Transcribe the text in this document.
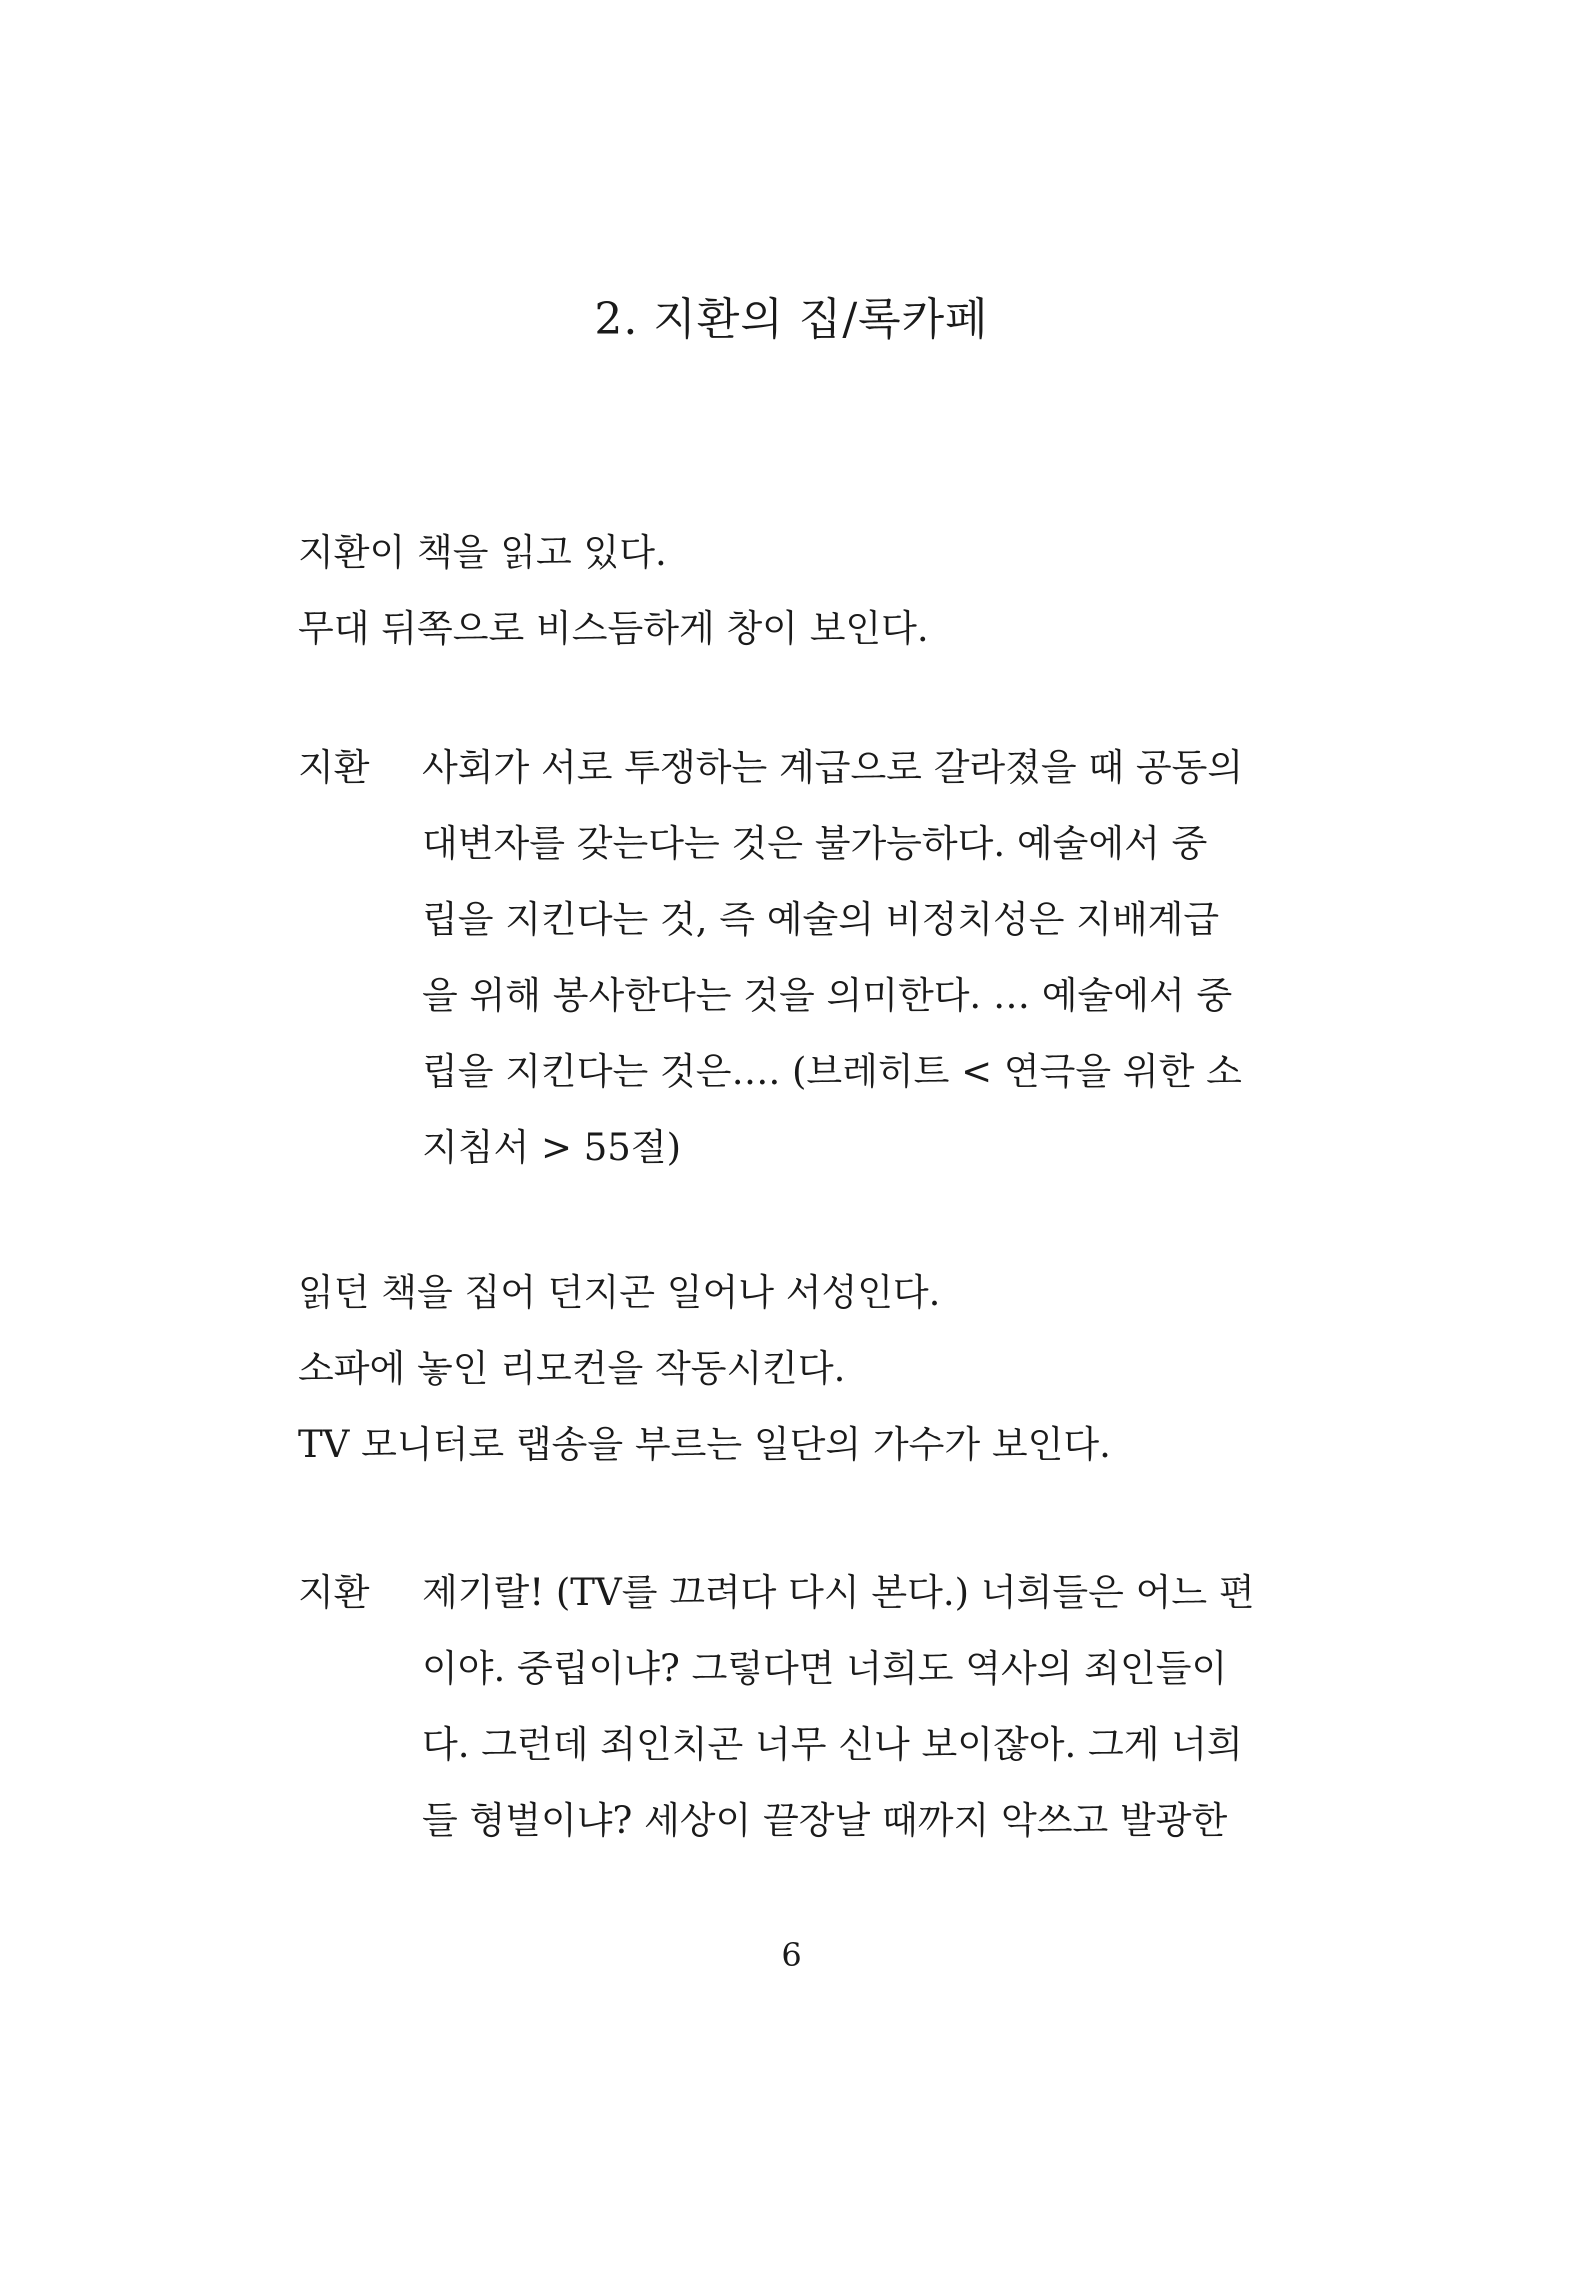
2. 지환의 집/록카페

지환이 책을 읽고 있다.

무대 뒤쪽으로 비스듬하게 창이 보인다.

지환 사회가 서로 투쟁하는 계급으로 갈라졌을 때 공동의

대변자를 갖는다는 것은 불가능하다. 예술에서 중

립을 지킨다는 것, 즉 예술의 비정치성은 지배계급

을 위해 봉사한다는 것을 의미한다. … 예술에서 중

립을 지킨다는 것은…. (브레히트 < 연극을 위한 소

지침서 > 55절)

읽던 책을 집어 던지곤 일어나 서성인다.

소파에 놓인 리모컨을 작동시킨다.

TV 모니터로 랩송을 부르는 일단의 가수가 보인다.

지환 제기랄! (TV를 끄려다 다시 본다.) 너희들은 어느 편

이야. 중립이냐? 그렇다면 너희도 역사의 죄인들이

다. 그런데 죄인치곤 너무 신나 보이잖아. 그게 너희

들 형벌이냐? 세상이 끝장날 때까지 악쓰고 발광한

6
